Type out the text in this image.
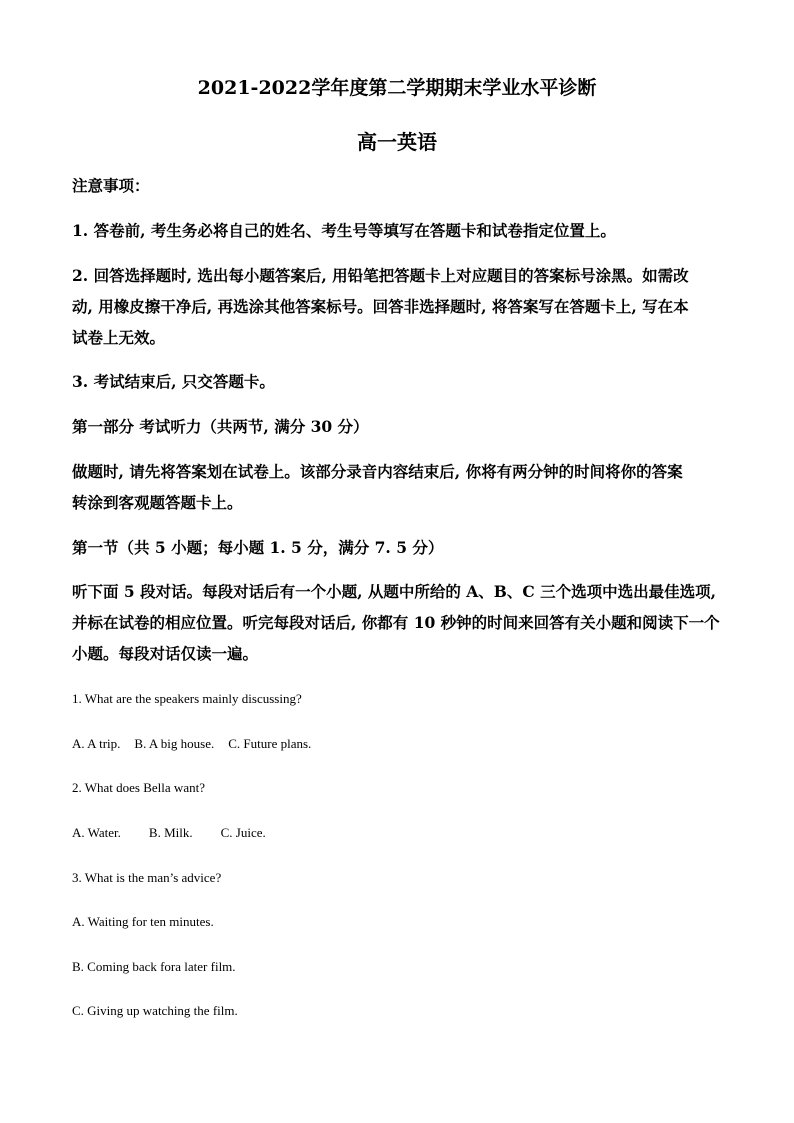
2021-2022学年度第二学期期末学业水平诊断
高一英语
注意事项：
1. 答卷前, 考生务必将自己的姓名、考生号等填写在答题卡和试卷指定位置上。
2. 回答选择题时, 选出每小题答案后, 用铅笔把答题卡上对应题目的答案标号涂黑。如需改
动, 用橡皮擦干净后, 再选涂其他答案标号。回答非选择题时, 将答案写在答题卡上, 写在本
试卷上无效。
3. 考试结束后, 只交答题卡。
第一部分 考试听力（共两节, 满分 30 分）
做题时, 请先将答案划在试卷上。该部分录音内容结束后, 你将有两分钟的时间将你的答案
转涂到客观题答题卡上。
第一节（共 5 小题；每小题 1. 5 分，满分 7. 5 分）
听下面 5 段对话。每段对话后有一个小题, 从题中所给的 A、B、C 三个选项中选出最佳选项,
并标在试卷的相应位置。听完每段对话后, 你都有 10 秒钟的时间来回答有关小题和阅读下一个
小题。每段对话仅读一遍。
1. What are the speakers mainly discussing?
A. A trip. B. A big house. C. Future plans.
2. What does Bella want?
A. Water. B. Milk. C. Juice.
3. What is the man’s advice?
A. Waiting for ten minutes.
B. Coming back fora later film.
C. Giving up watching the film.
